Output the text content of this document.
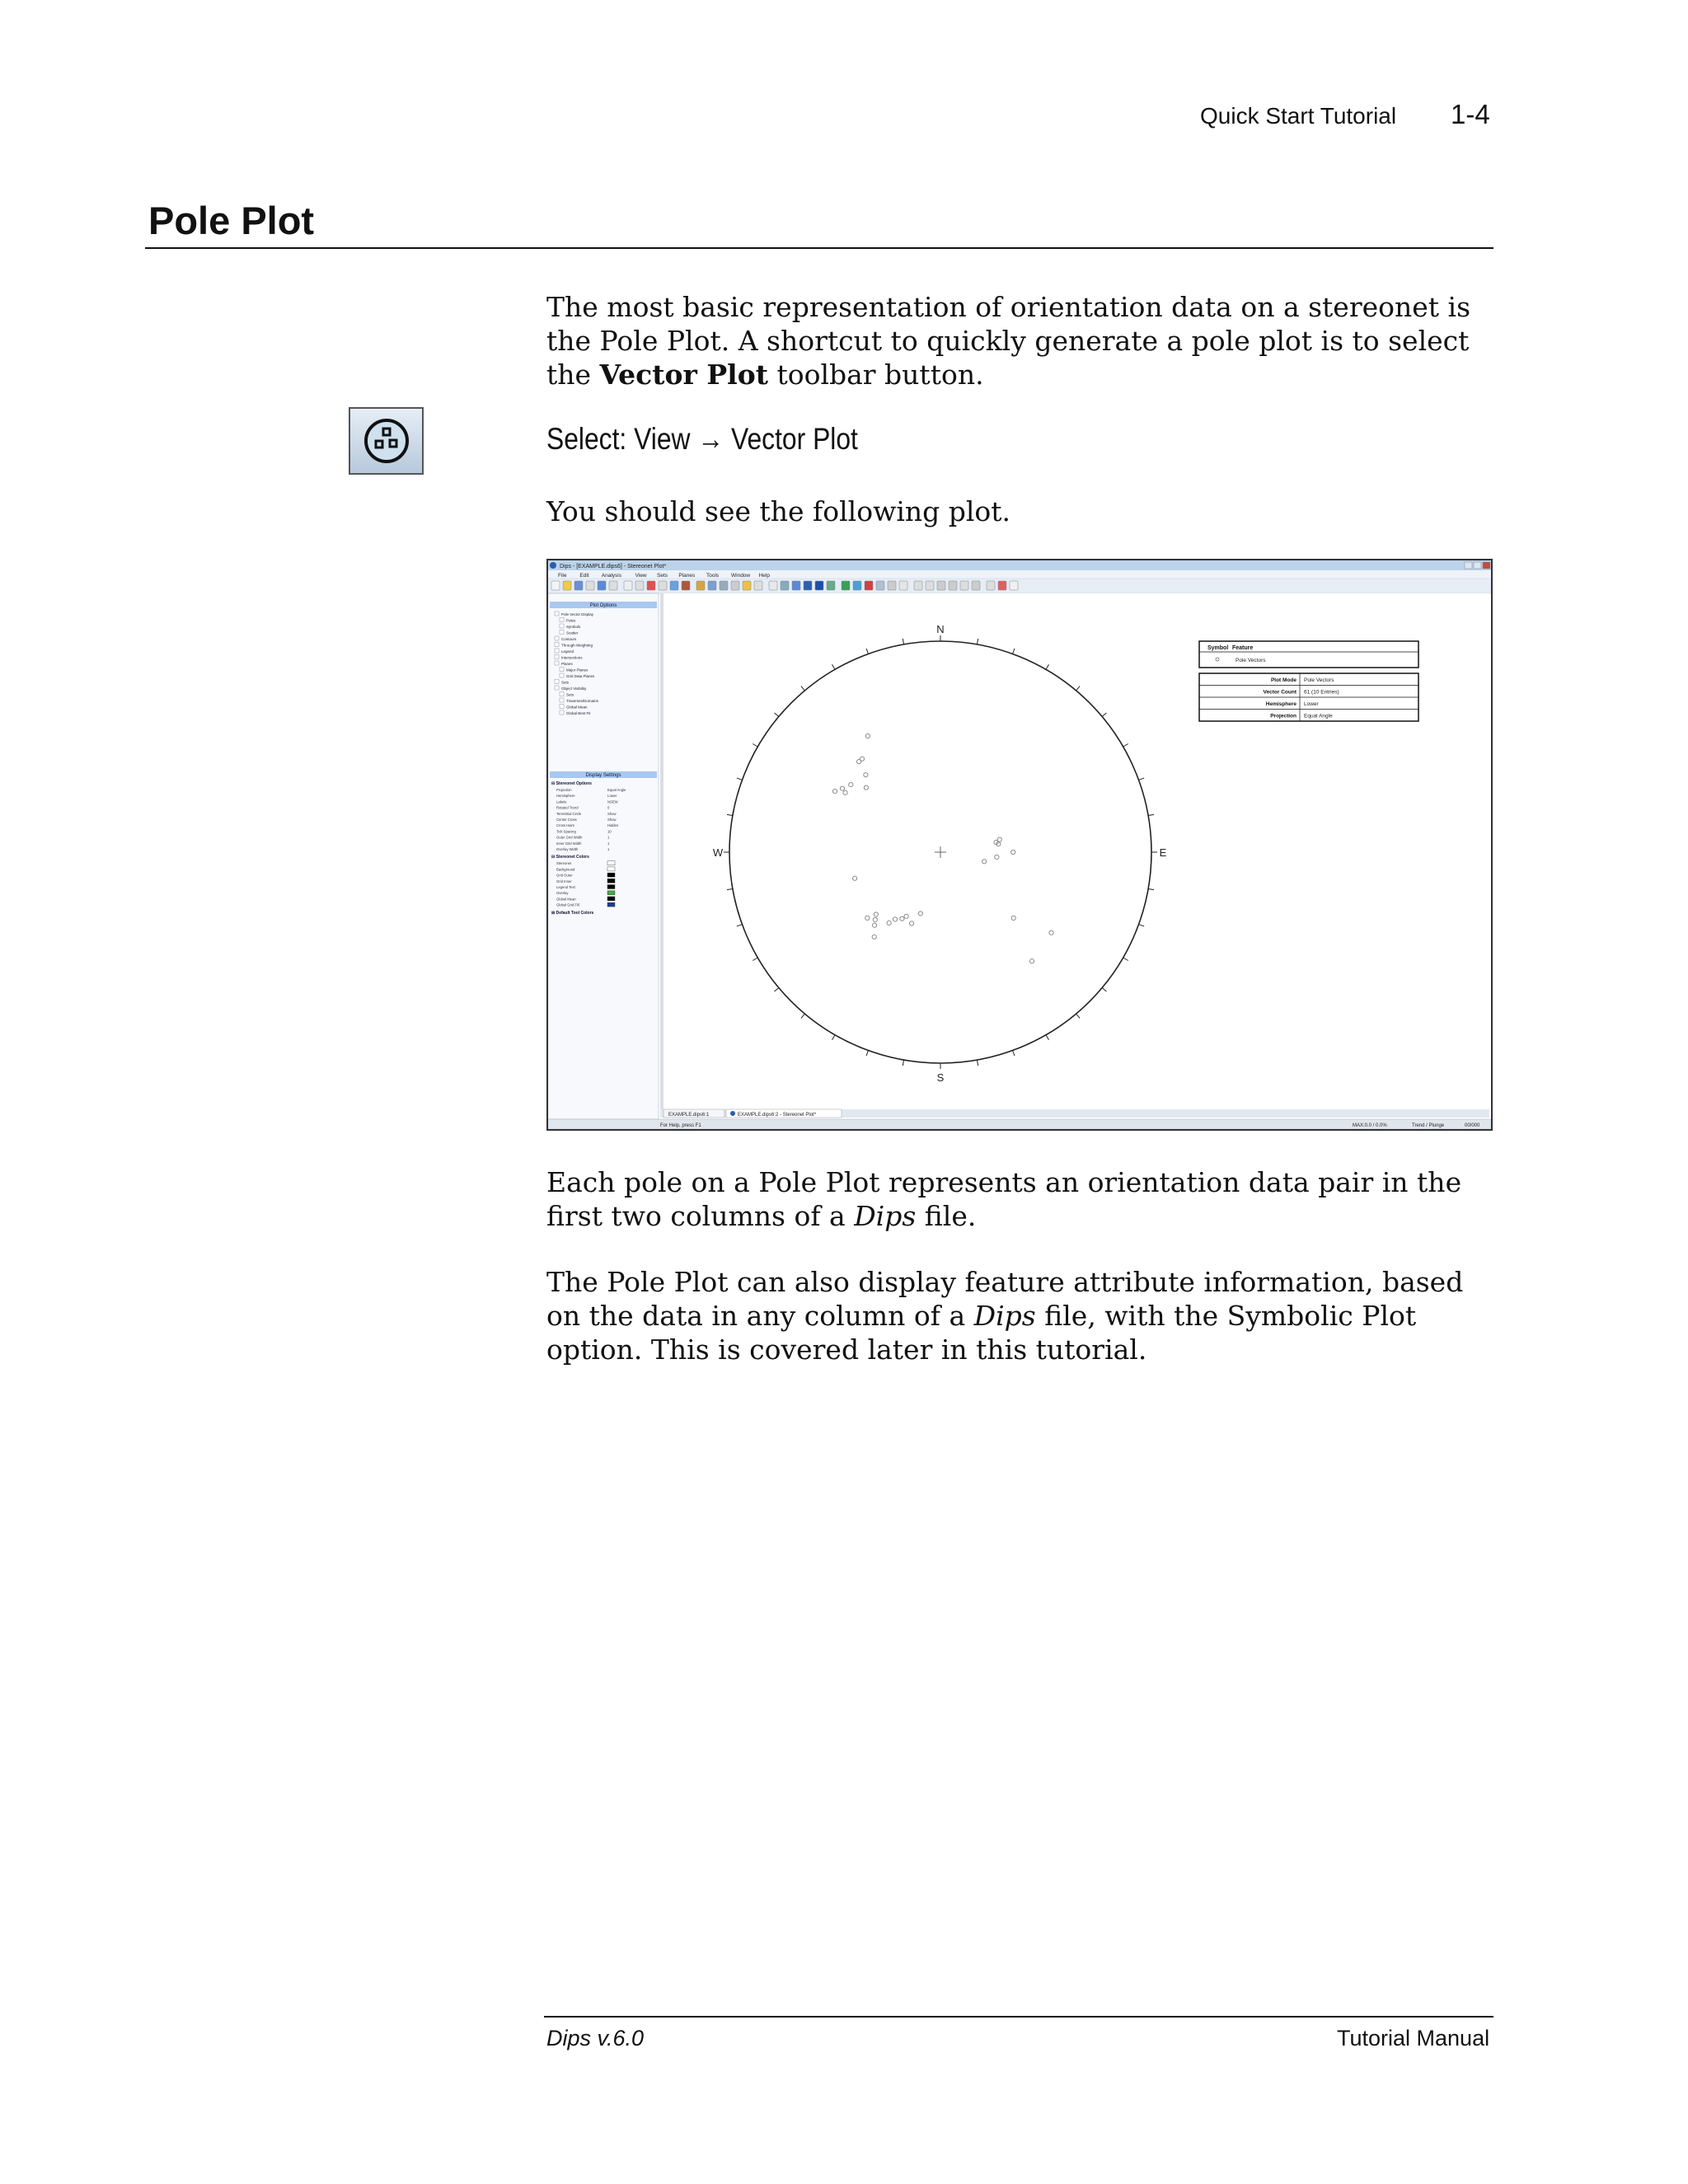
Quick Start Tutorial 1-4
Pole Plot
The most basic representation of orientation data on a stereonet is the Pole Plot. A shortcut to quickly generate a pole plot is to select the Vector Plot toolbar button.
Select: View → Vector Plot
You should see the following plot.
Dips - [EXAMPLE.dips6] - Stereonet Plot*
File Edit Analysis	View Sets Planes Tools Window Help
Plot Options
Pole Vector Display
Poles
Symbols
Scatter
Contours
Through Weighting
Legend
Intersections
Planes
Major Planes
Grid Data Planes
Sets
Object Visibility
Sets
Traverses/Domains
Global Mean
Global Best Fit
Display Settings
⊟ Stereonet Options
Projection	Equal Angle
Hemisphere	Lower
Labels	NSEW
Rotated Trend	0
Terrestrial Circle	Show
Center Cross	Show
Cross Hairs	Hidden
Tick Spacing	10
Outer Grid Width	1
Inner Grid Width	1
Overlay Width	1
⊟ Stereonet Colors
Stereonet
Background
Grid Outer
Grid Inner
Legend Text
Overlay
Global Mean
Global Grid Fill
⊞ Default Tool Colors
N
S
E
W
Symbol Feature
Pole Vectors
Plot Mode Pole Vectors
Vector Count 61 (10 Entries)
Hemisphere Lower
Projection Equal Angle
EXAMPLE.dips6:1	EXAMPLE.dips6:2 - Stereonet Plot*
For Help, press F1	MAX:0.0 / 0.0%	Trend / Plunge	00/000
Each pole on a Pole Plot represents an orientation data pair in the first two columns of a Dips file.
The Pole Plot can also display feature attribute information, based on the data in any column of a Dips file, with the Symbolic Plot option. This is covered later in this tutorial.
Dips v.6.0	Tutorial Manual
